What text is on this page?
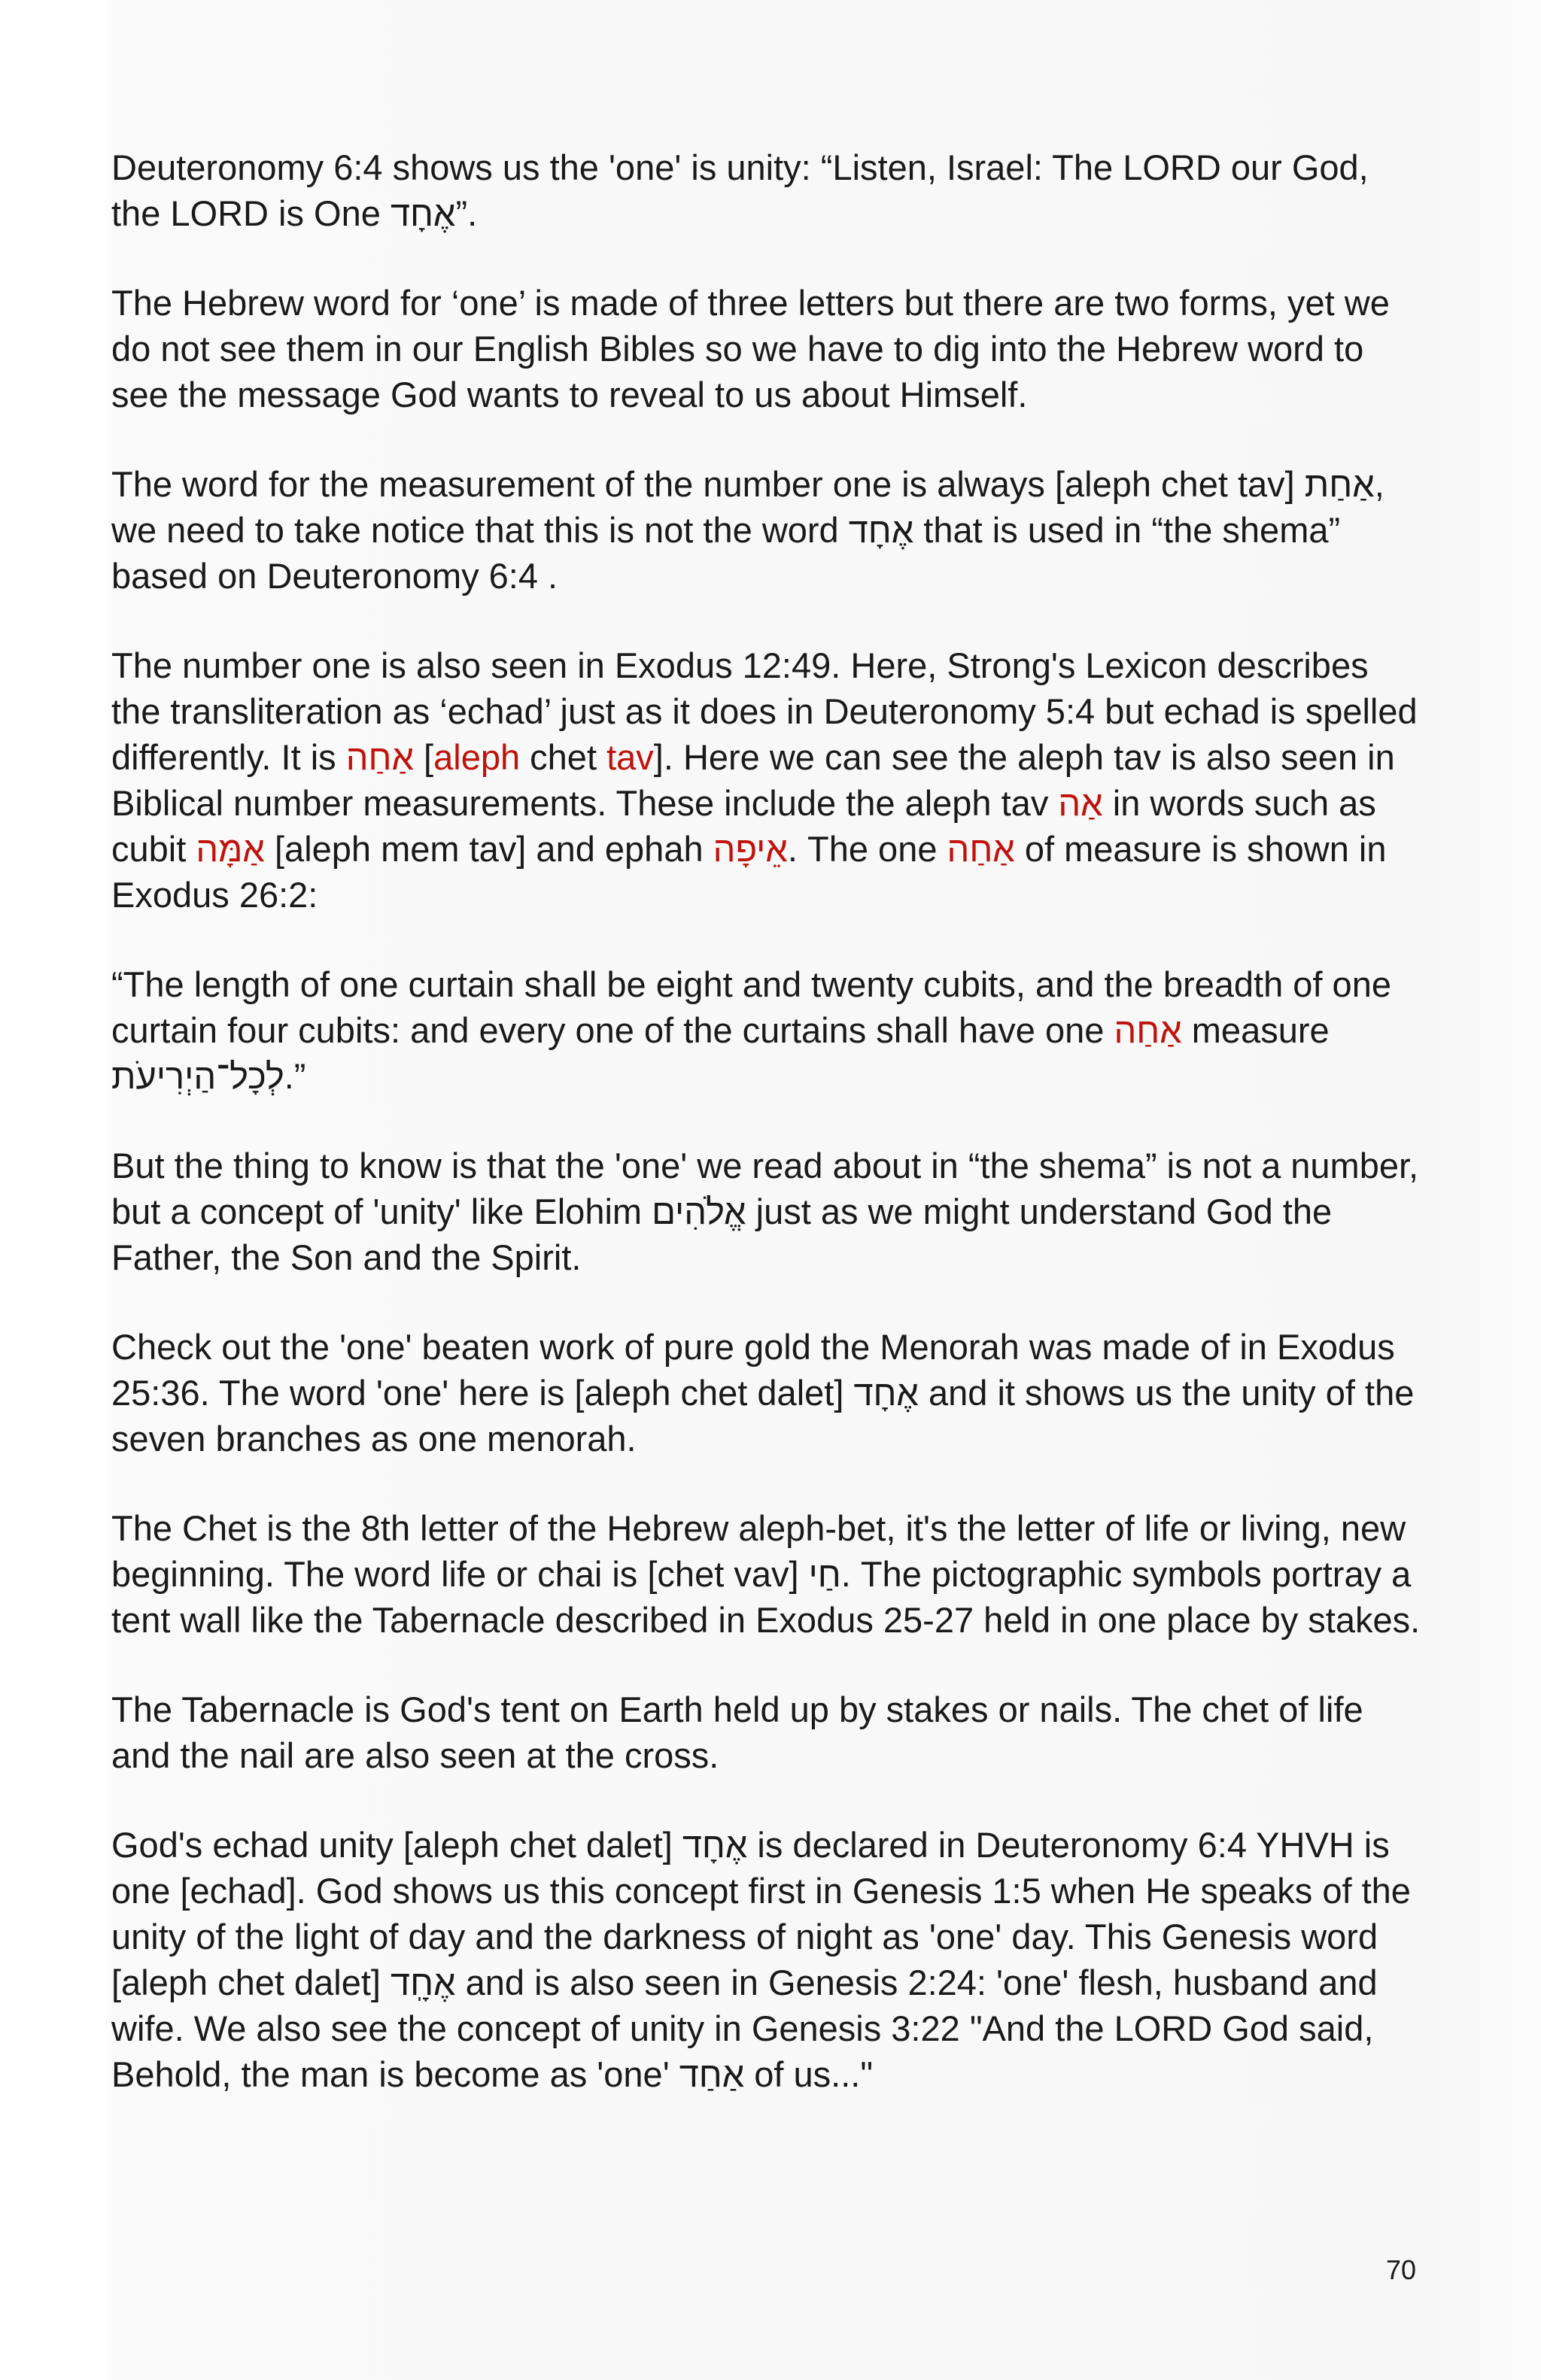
Deuteronomy 6:4 shows us the 'one' is unity: “Listen, Israel: The LORD our God, the LORD is One אֶחָד”.

The Hebrew word for ‘one’ is made of three letters but there are two forms, yet we do not see them in our English Bibles so we have to dig into the Hebrew word to see the message God wants to reveal to us about Himself.

The word for the measurement of the number one is always [aleph chet tav] אַחַת, we need to take notice that this is not the word אֶחָד that is used in “the shema” based on Deuteronomy 6:4 .

The number one is also seen in Exodus 12:49. Here, Strong's Lexicon describes the transliteration as ‘echad’ just as it does in Deuteronomy 5:4 but echad is spelled differently. It is אַחַה [aleph chet tav]. Here we can see the aleph tav is also seen in Biblical number measurements. These include the aleph tav אַה in words such as cubit אַמָּה [aleph mem tav] and ephah אֵיפָה. The one אַחַה of measure is shown in Exodus 26:2:

“The length of one curtain shall be eight and twenty cubits, and the breadth of one curtain four cubits: and every one of the curtains shall have one אַחַה measure לְכָל־הַיְרִיעֹת.”

But the thing to know is that the 'one' we read about in “the shema” is not a number, but a concept of 'unity' like Elohim אֱלֹהִים just as we might understand God the Father, the Son and the Spirit.

Check out the 'one' beaten work of pure gold the Menorah was made of in Exodus 25:36. The word 'one' here is [aleph chet dalet] אֶחָד and it shows us the unity of the seven branches as one menorah.

The Chet is the 8th letter of the Hebrew aleph-bet, it's the letter of life or living, new beginning. The word life or chai is [chet vav] חַי. The pictographic symbols portray a tent wall like the Tabernacle described in Exodus 25-27 held in one place by stakes.

The Tabernacle is God's tent on Earth held up by stakes or nails. The chet of life and the nail are also seen at the cross.

God's echad unity [aleph chet dalet] אֶחָד is declared in Deuteronomy 6:4 YHVH is one [echad]. God shows us this concept first in Genesis 1:5 when He speaks of the unity of the light of day and the darkness of night as 'one' day. This Genesis word [aleph chet dalet] אֶחָֽד and is also seen in Genesis 2:24: 'one' flesh, husband and wife. We also see the concept of unity in Genesis 3:22 "And the LORD God said, Behold, the man is become as 'one' אַחַד of us..."

70
